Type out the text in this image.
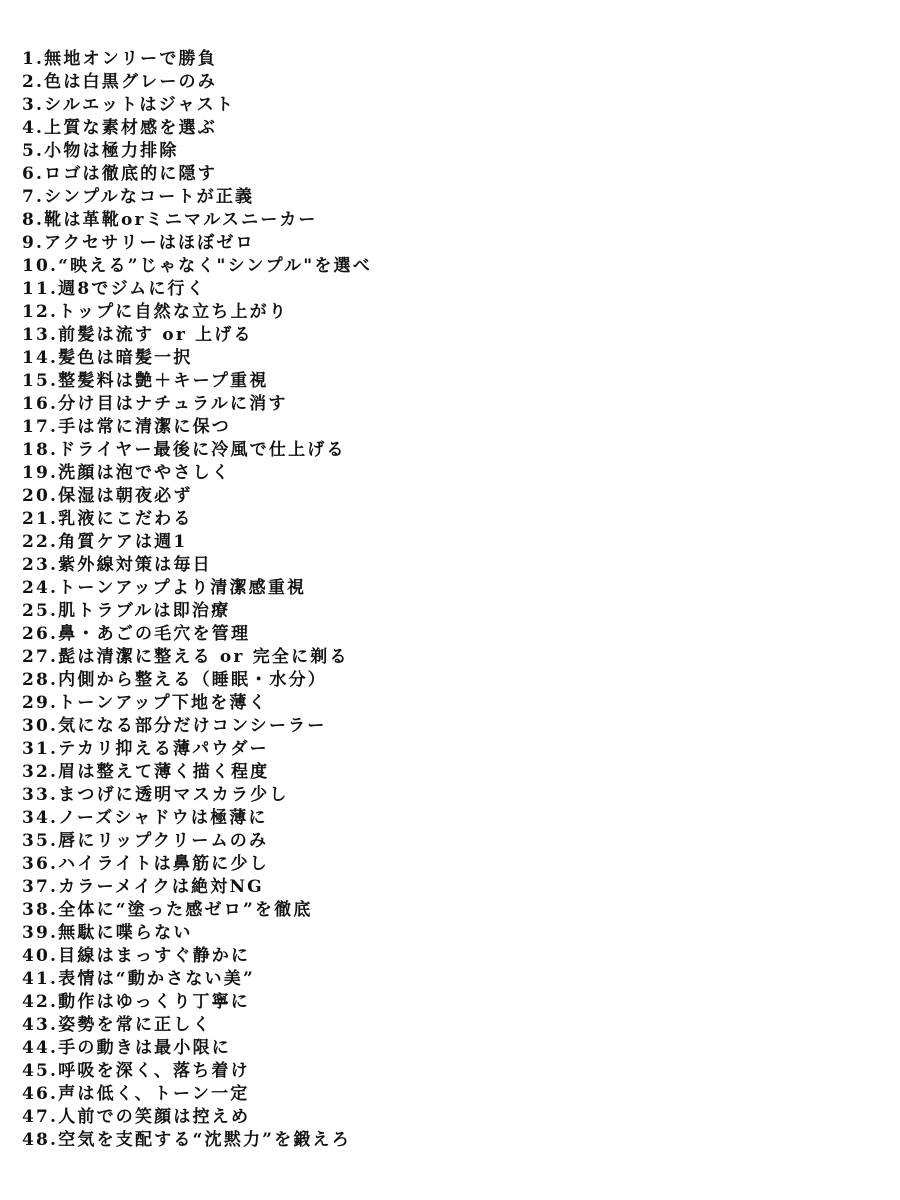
1.無地オンリーで勝負
2.色は白黒グレーのみ
3.シルエットはジャスト
4.上質な素材感を選ぶ
5.小物は極力排除
6.ロゴは徹底的に隠す
7.シンプルなコートが正義
8.靴は革靴orミニマルスニーカー
9.アクセサリーはほぼゼロ
10.“映える”じゃなく"シンプル"を選べ
11.週8でジムに行く
12.トップに自然な立ち上がり
13.前髪は流す or 上げる
14.髪色は暗髪一択
15.整髪料は艶＋キープ重視
16.分け目はナチュラルに消す
17.手は常に清潔に保つ
18.ドライヤー最後に冷風で仕上げる
19.洗顔は泡でやさしく
20.保湿は朝夜必ず
21.乳液にこだわる
22.角質ケアは週1
23.紫外線対策は毎日
24.トーンアップより清潔感重視
25.肌トラブルは即治療
26.鼻・あごの毛穴を管理
27.髭は清潔に整える or 完全に剃る
28.内側から整える（睡眠・水分）
29.トーンアップ下地を薄く
30.気になる部分だけコンシーラー
31.テカリ抑える薄パウダー
32.眉は整えて薄く描く程度
33.まつげに透明マスカラ少し
34.ノーズシャドウは極薄に
35.唇にリップクリームのみ
36.ハイライトは鼻筋に少し
37.カラーメイクは絶対NG
38.全体に“塗った感ゼロ”を徹底
39.無駄に喋らない
40.目線はまっすぐ静かに
41.表情は“動かさない美”
42.動作はゆっくり丁寧に
43.姿勢を常に正しく
44.手の動きは最小限に
45.呼吸を深く、落ち着け
46.声は低く、トーン一定
47.人前での笑顔は控えめ
48.空気を支配する“沈黙力”を鍛えろ
